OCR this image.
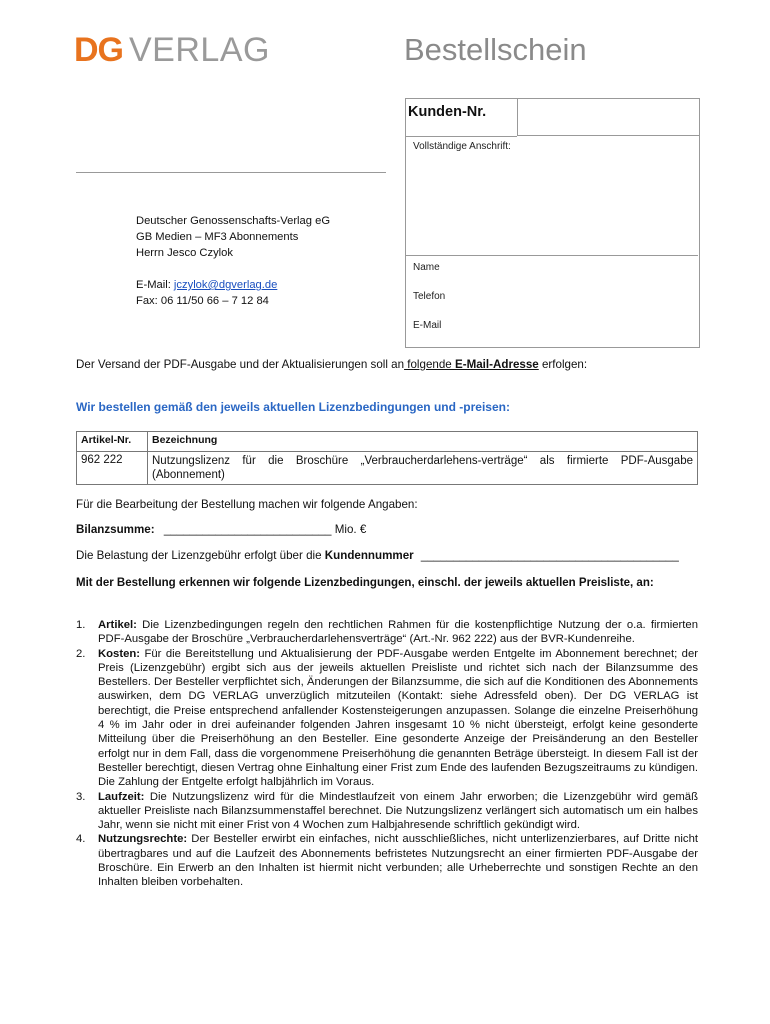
DG VERLAG	Bestellschein
Kunden-Nr.
Vollständige Anschrift:
Name
Telefon
E-Mail
Deutscher Genossenschafts-Verlag eG
GB Medien – MF3 Abonnements
Herrn Jesco Czylok
E-Mail: jczylok@dgverlag.de
Fax: 06 11/50 66 – 7 12 84
Der Versand der PDF-Ausgabe und der Aktualisierungen soll an folgende E-Mail-Adresse erfolgen:
Wir bestellen gemäß den jeweils aktuellen Lizenzbedingungen und -preisen:
Artikel-Nr.	Bezeichnung
962 222	Nutzungslizenz für die Broschüre „Verbraucherdarlehens-verträge“ als firmierte PDF-Ausgabe (Abonnement)
Für die Bearbeitung der Bestellung machen wir folgende Angaben:
Bilanzsumme: __________________________ Mio. €
Die Belastung der Lizenzgebühr erfolgt über die Kundennummer ________________________________________
Mit der Bestellung erkennen wir folgende Lizenzbedingungen, einschl. der jeweils aktuellen Preisliste, an:
1. Artikel: Die Lizenzbedingungen regeln den rechtlichen Rahmen für die kostenpflichtige Nutzung der o.a. firmierten PDF-Ausgabe der Broschüre „Verbraucherdarlehensverträge“ (Art.-Nr. 962 222) aus der BVR-Kundenreihe.
2. Kosten: Für die Bereitstellung und Aktualisierung der PDF-Ausgabe werden Entgelte im Abonnement berechnet; der Preis (Lizenzgebühr) ergibt sich aus der jeweils aktuellen Preisliste und richtet sich nach der Bilanzsumme des Bestellers. Der Besteller verpflichtet sich, Änderungen der Bilanzsumme, die sich auf die Konditionen des Abonnements auswirken, dem DG VERLAG unverzüglich mitzuteilen (Kontakt: siehe Adressfeld oben). Der DG VERLAG ist berechtigt, die Preise entsprechend anfallender Kostensteigerungen anzupassen. Solange die einzelne Preiserhöhung 4 % im Jahr oder in drei aufeinander folgenden Jahren insgesamt 10 % nicht übersteigt, erfolgt keine gesonderte Mitteilung über die Preiserhöhung an den Besteller. Eine gesonderte Anzeige der Preisänderung an den Besteller erfolgt nur in dem Fall, dass die vorgenommene Preiserhöhung die genannten Beträge übersteigt. In diesem Fall ist der Besteller berechtigt, diesen Vertrag ohne Einhaltung einer Frist zum Ende des laufenden Bezugszeitraums zu kündigen. Die Zahlung der Entgelte erfolgt halbjährlich im Voraus.
3. Laufzeit: Die Nutzungslizenz wird für die Mindestlaufzeit von einem Jahr erworben; die Lizenzgebühr wird gemäß aktueller Preisliste nach Bilanzsummenstaffel berechnet. Die Nutzungslizenz verlängert sich automatisch um ein halbes Jahr, wenn sie nicht mit einer Frist von 4 Wochen zum Halbjahresende schriftlich gekündigt wird.
4. Nutzungsrechte: Der Besteller erwirbt ein einfaches, nicht ausschließliches, nicht unterlizenzierbares, auf Dritte nicht übertragbares und auf die Laufzeit des Abonnements befristetes Nutzungsrecht an einer firmierten PDF-Ausgabe der Broschüre. Ein Erwerb an den Inhalten ist hiermit nicht verbunden; alle Urheberrechte und sonstigen Rechte an den Inhalten bleiben vorbehalten.
